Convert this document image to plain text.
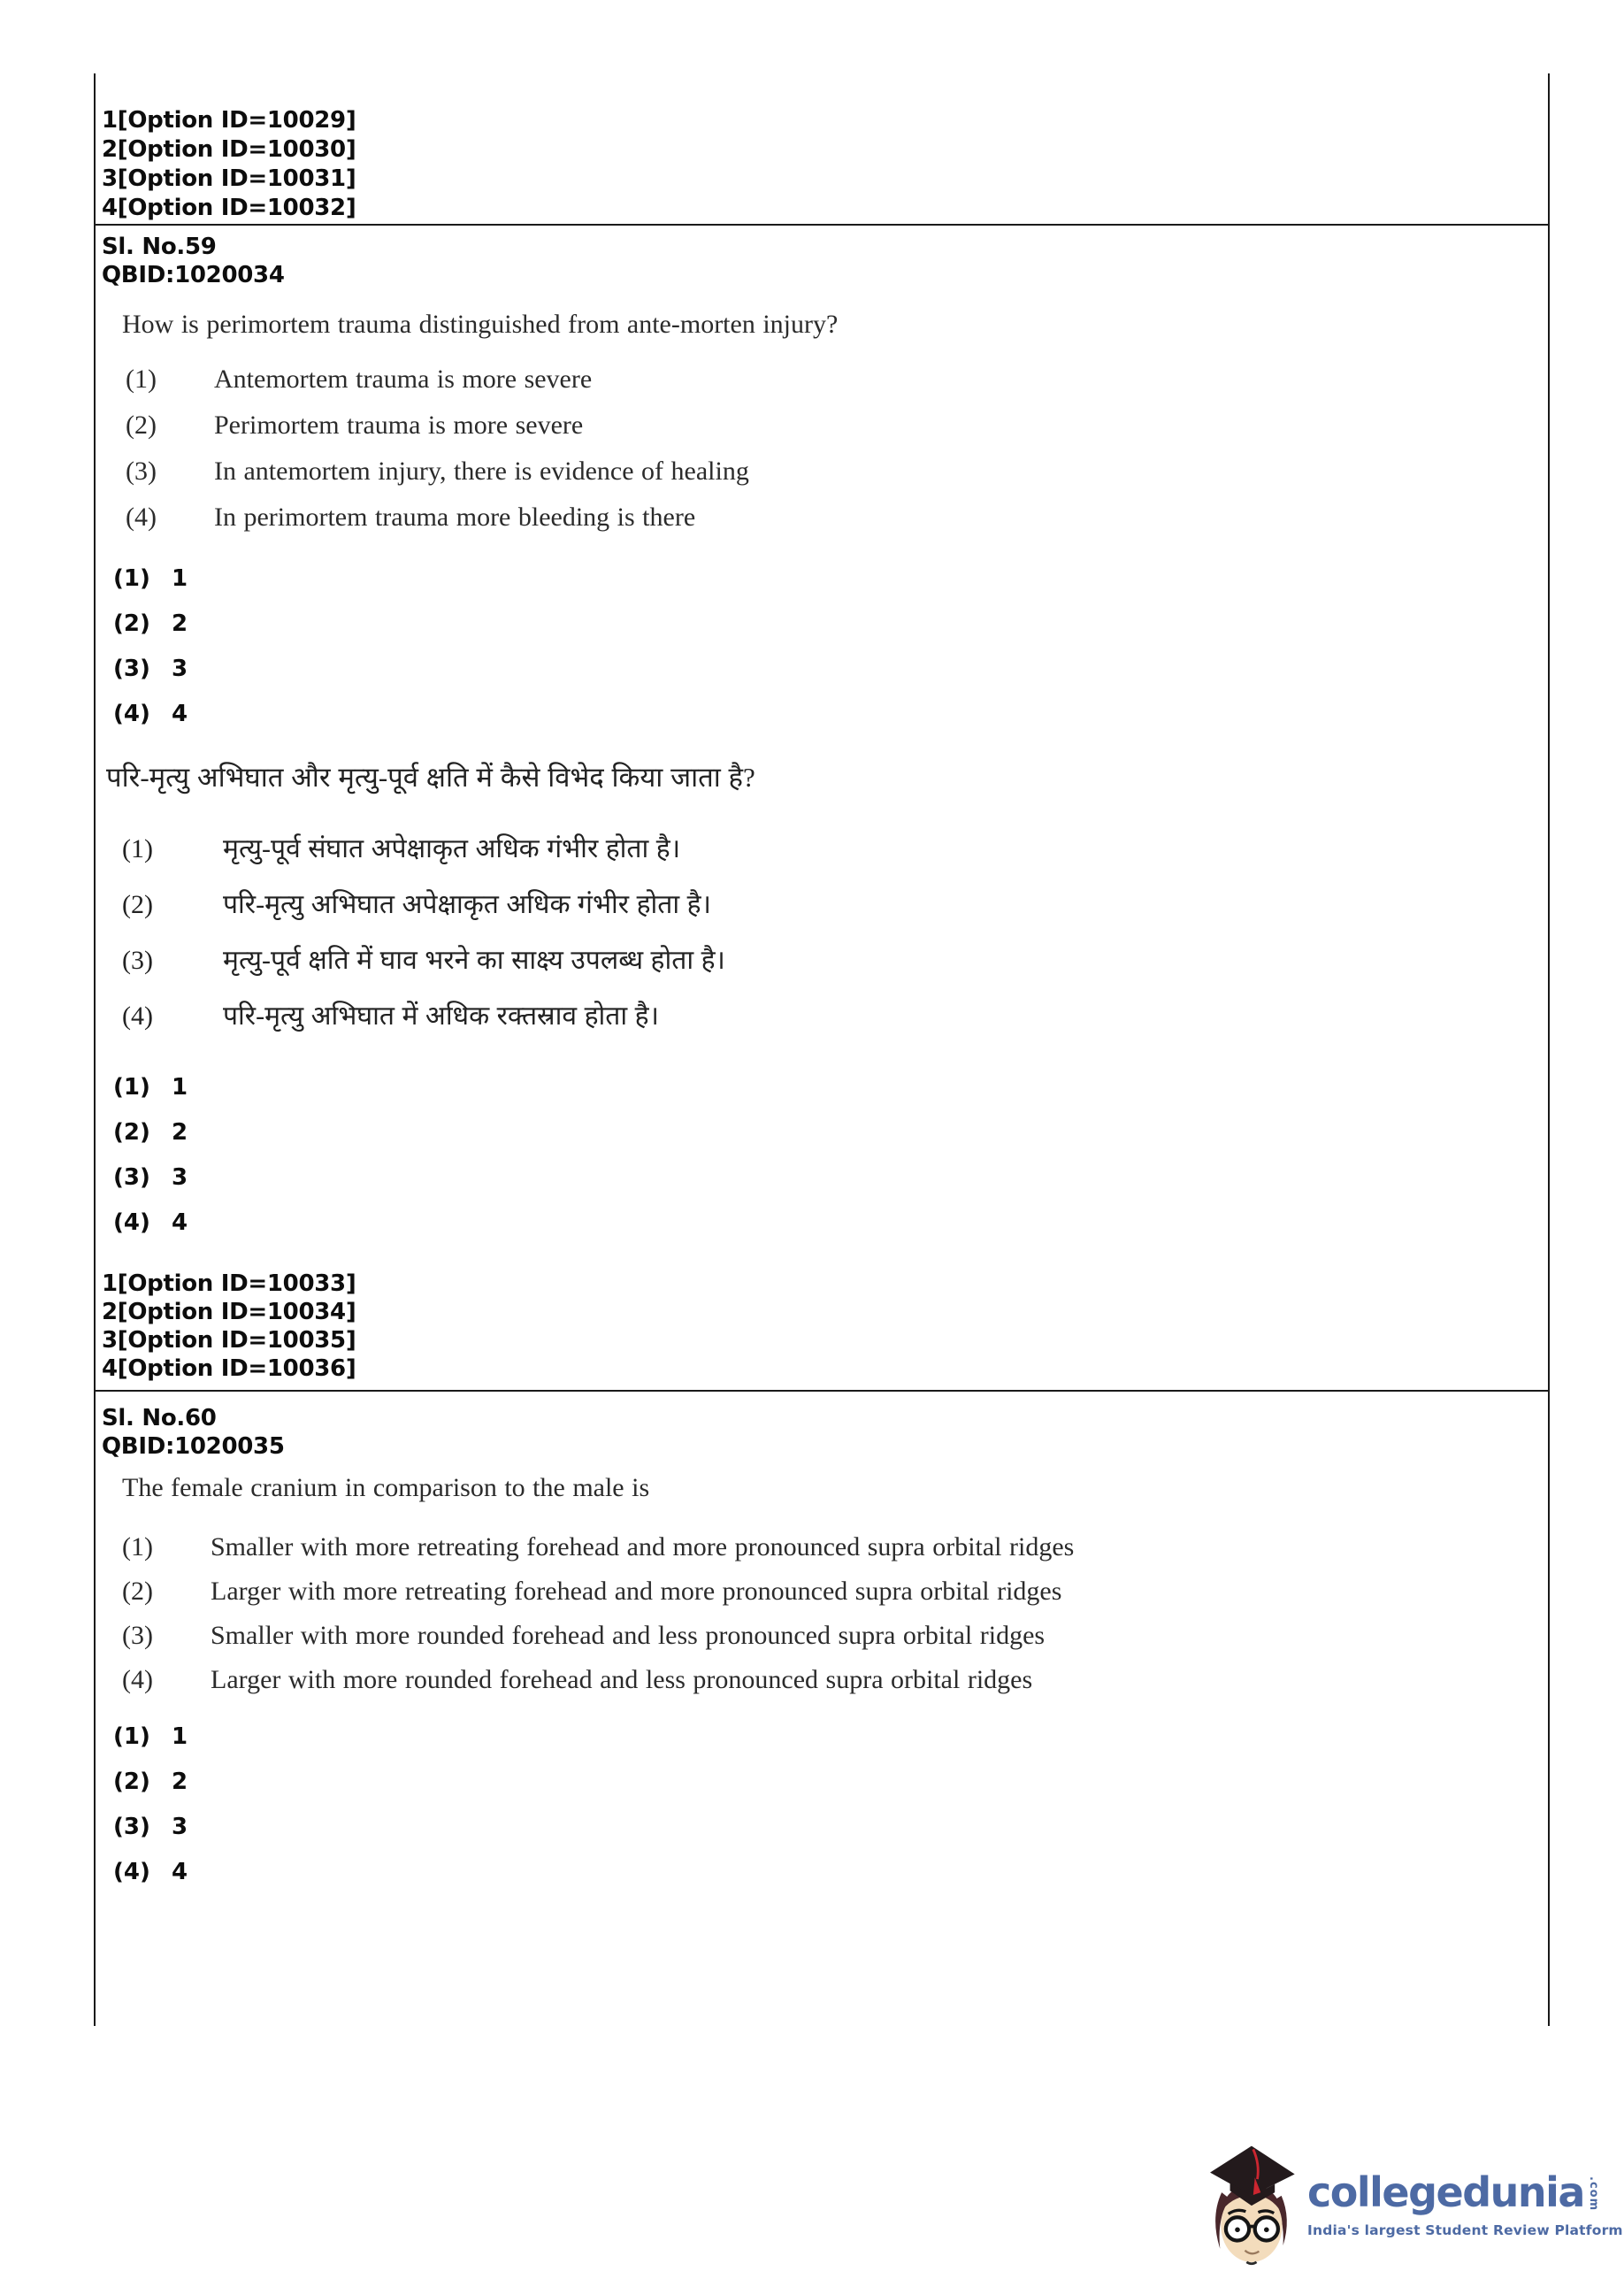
1[Option ID=10029]
2[Option ID=10030]
3[Option ID=10031]
4[Option ID=10032]
Sl. No.59
QBID:1020034
How is perimortem trauma distinguished from ante-morten injury?
(1)	Antemortem trauma is more severe
(2)	Perimortem trauma is more severe
(3)	In antemortem injury, there is evidence of healing
(4)	In perimortem trauma more bleeding is there
(1) 1
(2) 2
(3) 3
(4) 4
परि-मृत्यु अभिघात और मृत्यु-पूर्व क्षति में कैसे विभेद किया जाता है?
(1)	मृत्यु-पूर्व संघात अपेक्षाकृत अधिक गंभीर होता है।
(2)	परि-मृत्यु अभिघात अपेक्षाकृत अधिक गंभीर होता है।
(3)	मृत्यु-पूर्व क्षति में घाव भरने का साक्ष्य उपलब्ध होता है।
(4)	परि-मृत्यु अभिघात में अधिक रक्तस्राव होता है।
(1) 1
(2) 2
(3) 3
(4) 4
1[Option ID=10033]
2[Option ID=10034]
3[Option ID=10035]
4[Option ID=10036]
Sl. No.60
QBID:1020035
The female cranium in comparison to the male is
(1)	Smaller with more retreating forehead and more pronounced supra orbital ridges
(2)	Larger with more retreating forehead and more pronounced supra orbital ridges
(3)	Smaller with more rounded forehead and less pronounced supra orbital ridges
(4)	Larger with more rounded forehead and less pronounced supra orbital ridges
(1) 1
(2) 2
(3) 3
(4) 4
collegedunia .com
India's largest Student Review Platform
